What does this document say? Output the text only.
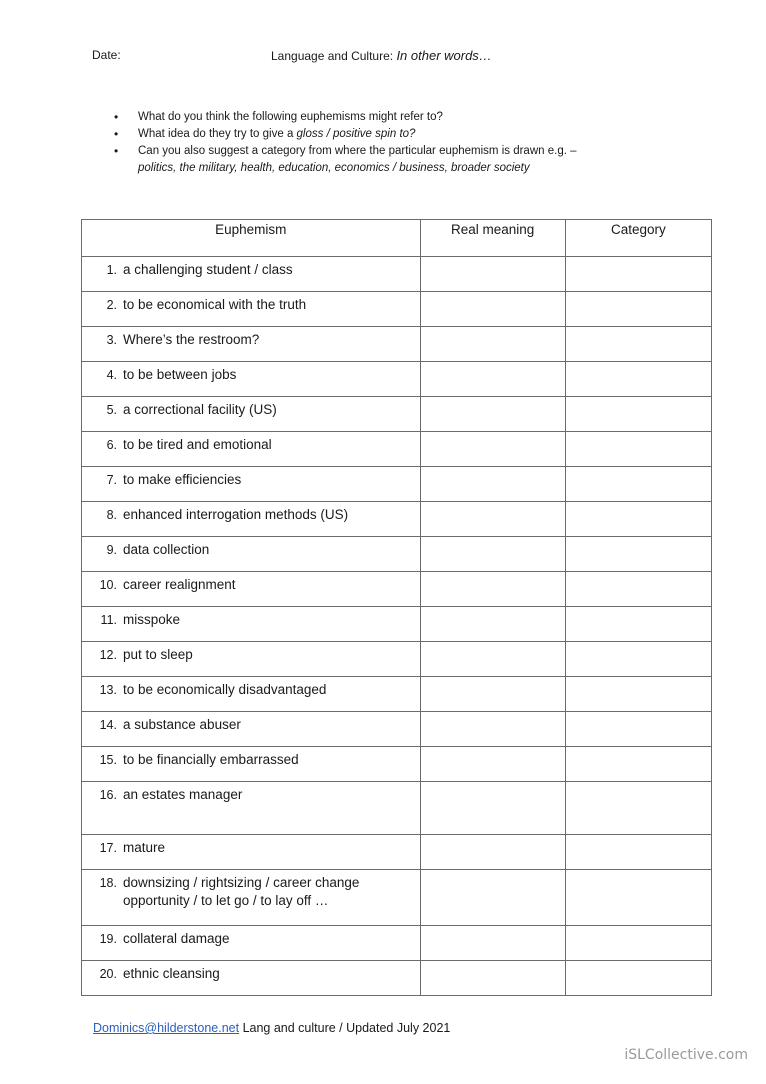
Date:	Language and Culture: In other words…
• What do you think the following euphemisms might refer to?
• What idea do they try to give a gloss / positive spin to?
• Can you also suggest a category from where the particular euphemism is drawn e.g. –
politics, the military, health, education, economics / business, broader society
Euphemism	Real meaning	Category

1. a challenging student / class		

2. to be economical with the truth		

3. Where’s the restroom?		

4. to be between jobs		

5. a correctional facility (US)		

6. to be tired and emotional		

7. to make efficiencies		

8. enhanced interrogation methods (US)		

9. data collection		

10. career realignment		

11. misspoke		

12. put to sleep		

13. to be economically disadvantaged		

14. a substance abuser		

15. to be financially embarrassed		

16. an estates manager		

17. mature		

18. downsizing / rightsizing / career change opportunity / to let go / to lay off …		

19. collateral damage		

20. ethnic cleansing		

Dominics@hilderstone.net Lang and culture / Updated July 2021
iSLCollective.com
